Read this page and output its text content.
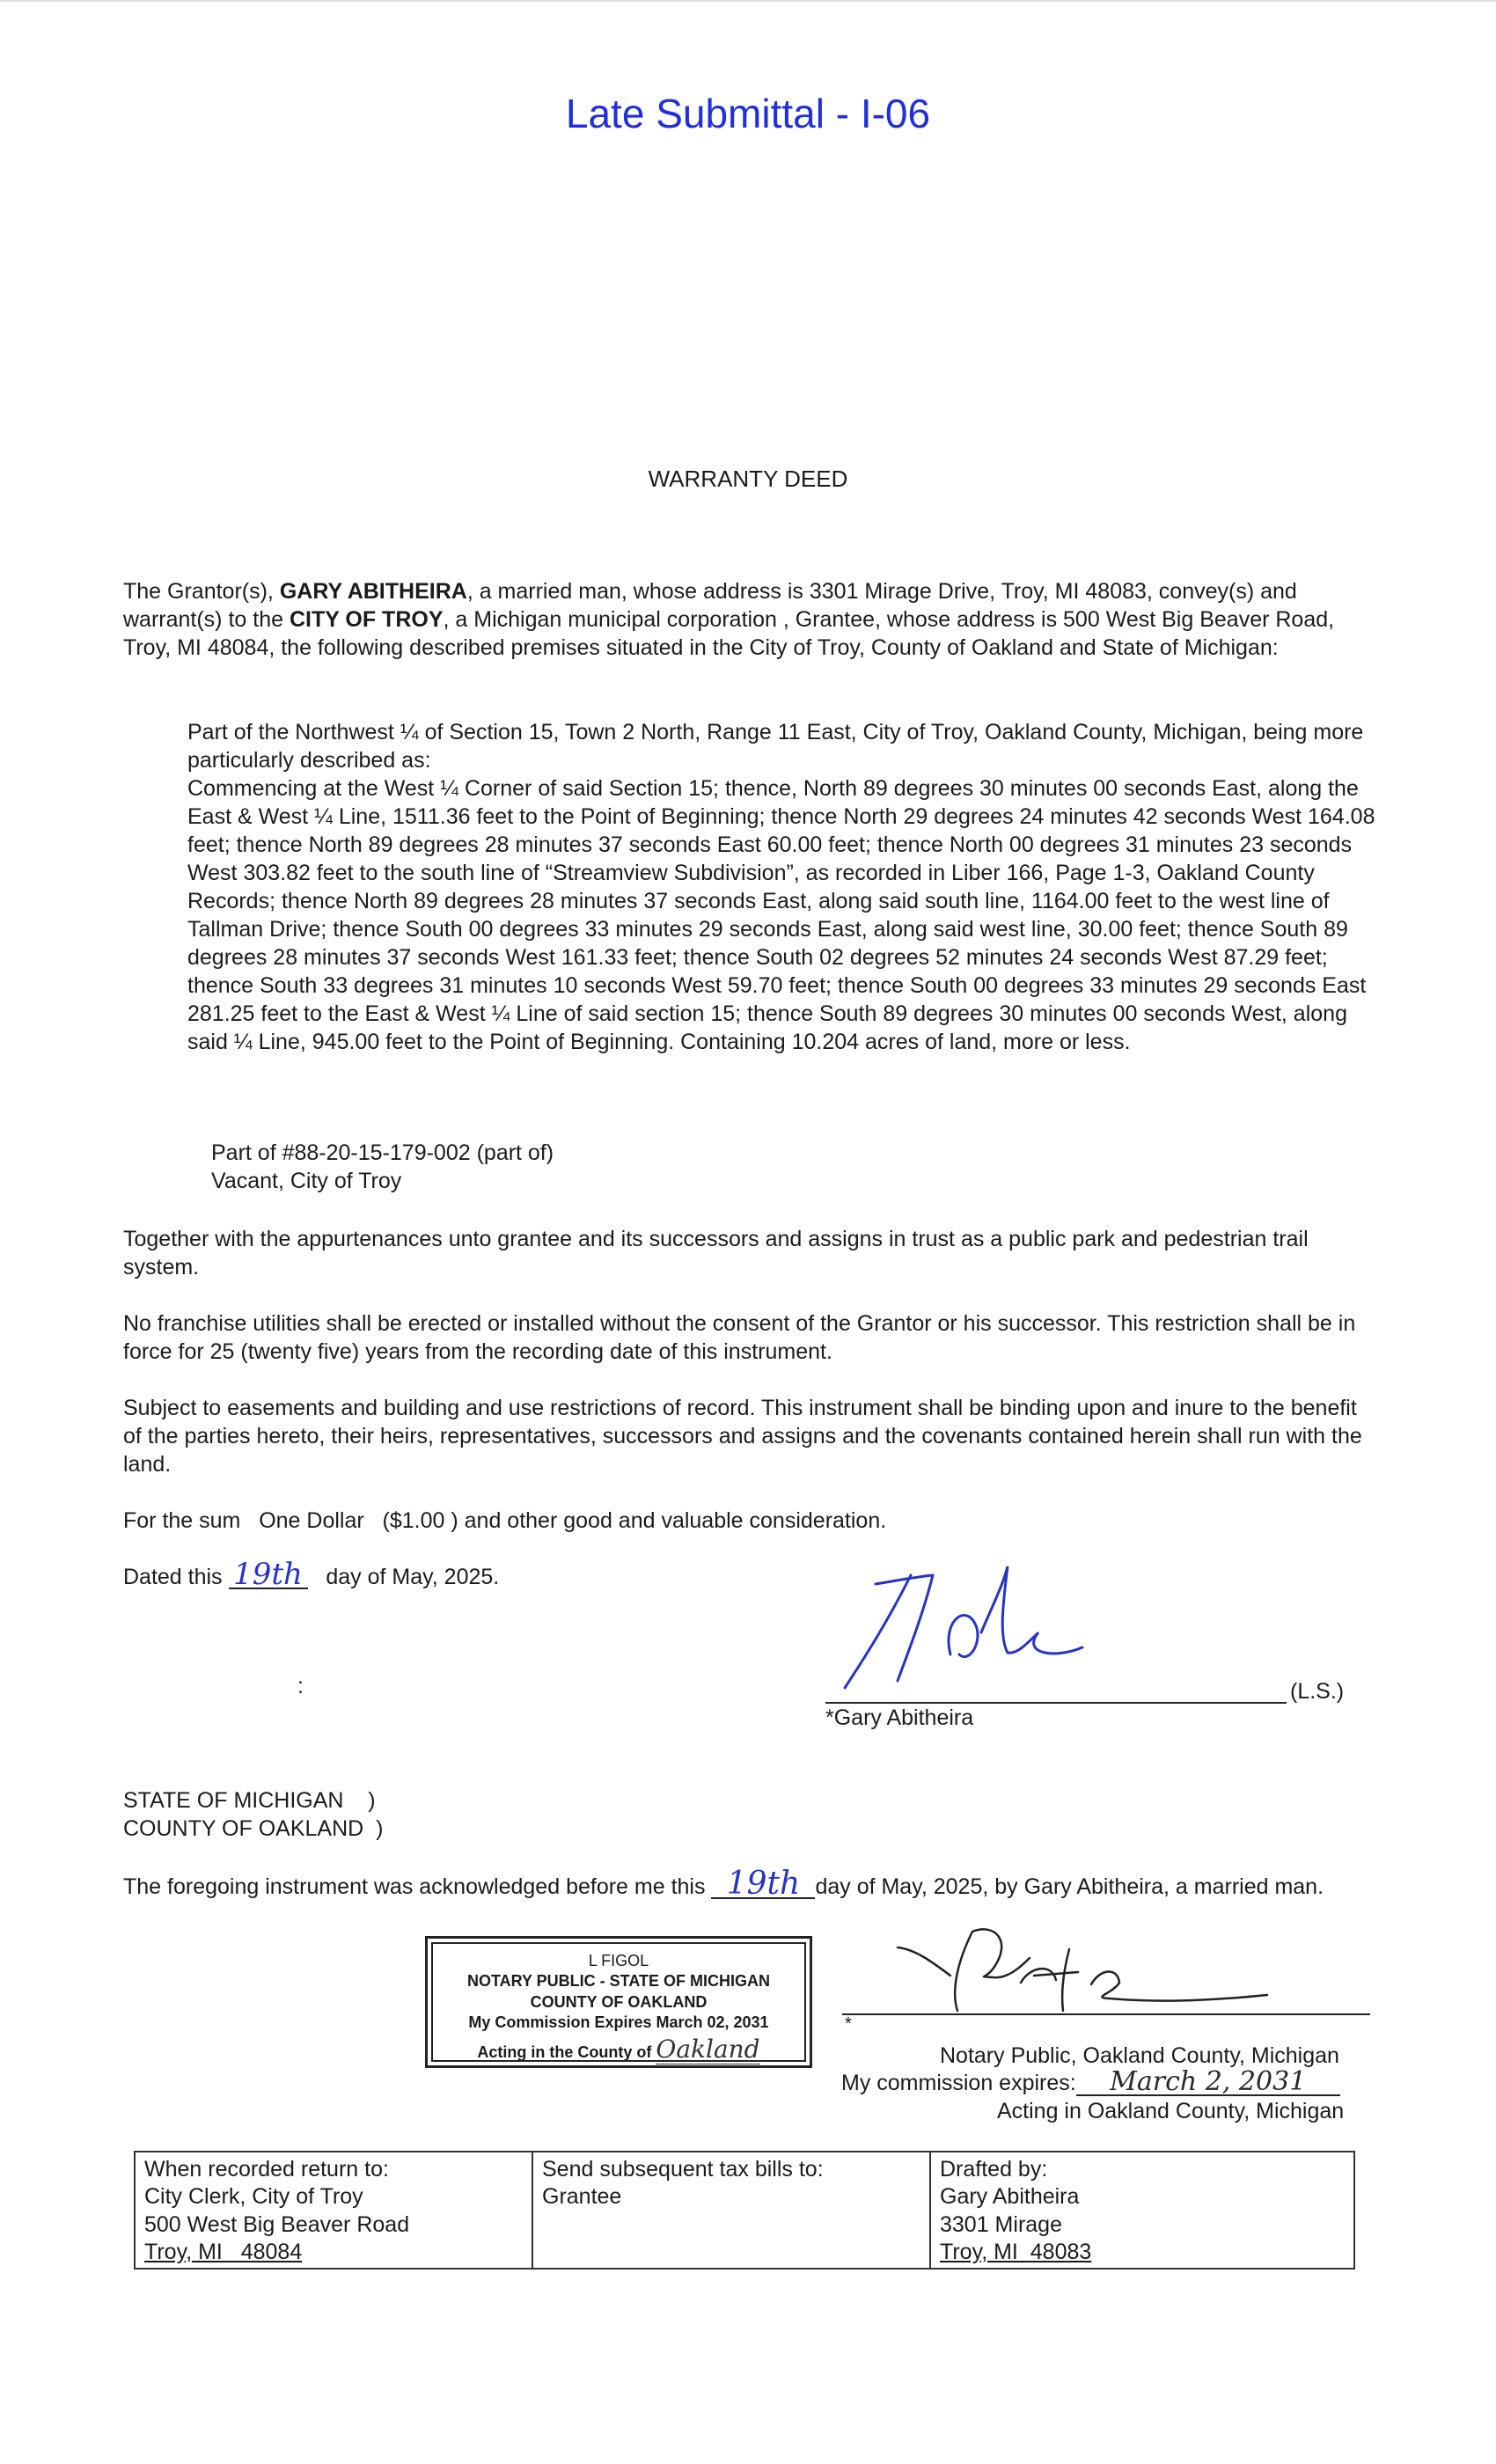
Late Submittal - I-06
WARRANTY DEED

The Grantor(s), GARY ABITHEIRA, a married man, whose address is 3301 Mirage Drive, Troy, MI 48083, convey(s) and warrant(s) to the CITY OF TROY, a Michigan municipal corporation , Grantee, whose address is 500 West Big Beaver Road, Troy, MI 48084, the following described premises situated in the City of Troy, County of Oakland and State of Michigan:

Part of the Northwest ¼ of Section 15, Town 2 North, Range 11 East, City of Troy, Oakland County, Michigan, being more particularly described as:

Commencing at the West ¼ Corner of said Section 15; thence, North 89 degrees 30 minutes 00 seconds East, along the East & West ¼ Line, 1511.36 feet to the Point of Beginning; thence North 29 degrees 24 minutes 42 seconds West 164.08 feet; thence North 89 degrees 28 minutes 37 seconds East 60.00 feet; thence North 00 degrees 31 minutes 23 seconds West 303.82 feet to the south line of “Streamview Subdivision”, as recorded in Liber 166, Page 1-3, Oakland County Records; thence North 89 degrees 28 minutes 37 seconds East, along said south line, 1164.00 feet to the west line of Tallman Drive; thence South 00 degrees 33 minutes 29 seconds East, along said west line, 30.00 feet; thence South 89 degrees 28 minutes 37 seconds West 161.33 feet; thence South 02 degrees 52 minutes 24 seconds West 87.29 feet; thence South 33 degrees 31 minutes 10 seconds West 59.70 feet; thence South 00 degrees 33 minutes 29 seconds East 281.25 feet to the East & West ¼ Line of said section 15; thence South 89 degrees 30 minutes 00 seconds West, along said ¼ Line, 945.00 feet to the Point of Beginning. Containing 10.204 acres of land, more or less.

Part of #88-20-15-179-002 (part of)
Vacant, City of Troy

Together with the appurtenances unto grantee and its successors and assigns in trust as a public park and pedestrian trail system.

No franchise utilities shall be erected or installed without the consent of the Grantor or his successor. This restriction shall be in force for 25 (twenty five) years from the recording date of this instrument.

Subject to easements and building and use restrictions of record. This instrument shall be binding upon and inure to the benefit of the parties hereto, their heirs, representatives, successors and assigns and the covenants contained herein shall run with the land.

For the sum   One Dollar   ($1.00 ) and other good and valuable consideration.

Dated this 19th day of May, 2025.
:	(L.S.)
*Gary Abitheira
STATE OF MICHIGAN    )
COUNTY OF OAKLAND  )
The foregoing instrument was acknowledged before me this 19th day of May, 2025, by Gary Abitheira, a married man.
L FIGOL
NOTARY PUBLIC - STATE OF MICHIGAN
COUNTY OF OAKLAND
My Commission Expires March 02, 2031
Acting in the County of Oakland
*
Notary Public, Oakland County, Michigan
My commission expires: March 2, 2031
Acting in Oakland County, Michigan
When recorded return to:
City Clerk, City of Troy
500 West Big Beaver Road
Troy, MI   48084

Send subsequent tax bills to:
Grantee

Drafted by:
Gary Abitheira
3301 Mirage
Troy, MI  48083
